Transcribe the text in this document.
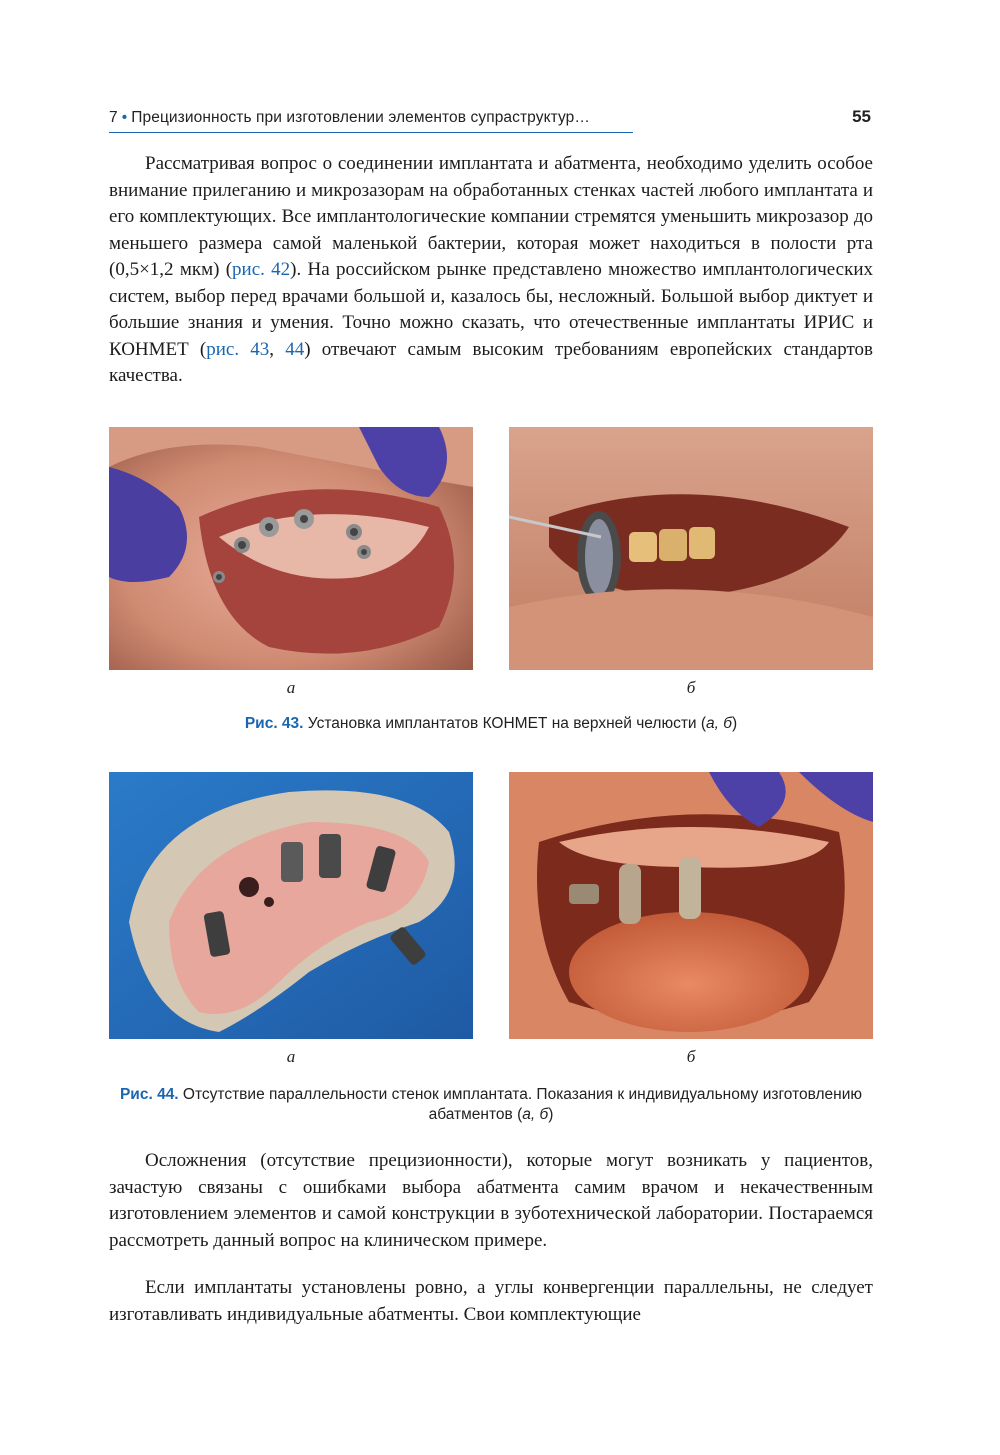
7 • Прецизионность при изготовлении элементов супраструктур…	55

Рассматривая вопрос о соединении имплантата и абатмента, необходимо уделить особое внимание прилеганию и микрозазорам на обработанных стенках частей любого имплантата и его комплектующих. Все имплантологические компании стремятся уменьшить микрозазор до меньшего размера самой маленькой бактерии, которая может находиться в полости рта (0,5×1,2 мкм) (рис. 42). На российском рынке представлено множество имплантологических систем, выбор перед врачами большой и, казалось бы, несложный. Большой выбор диктует и большие знания и умения. Точно можно сказать, что отечественные имплантаты ИРИС и КОНМЕТ (рис. 43, 44) отвечают самым высоким требованиям европейских стандартов качества.

а	б
Рис. 43. Установка имплантатов КОНМЕТ на верхней челюсти (а, б)
а	б
Рис. 44. Отсутствие параллельности стенок имплантата. Показания к индивидуальному изготовлению абатментов (а, б)

Осложнения (отсутствие прецизионности), которые могут возникать у пациентов, зачастую связаны с ошибками выбора абатмента самим врачом и некачественным изготовлением элементов и самой конструкции в зуботехнической лаборатории. Постараемся рассмотреть данный вопрос на клиническом примере.

Если имплантаты установлены ровно, а углы конвергенции параллельны, не следует изготавливать индивидуальные абатменты. Свои комплектующие
